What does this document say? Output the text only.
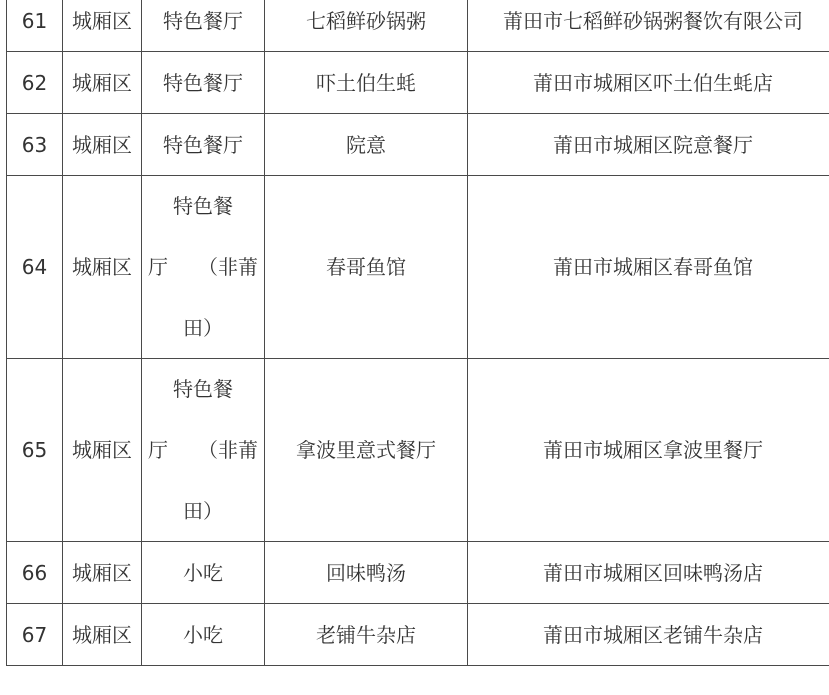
61	城厢区	特色餐厅	七稻鲜砂锅粥	莆田市七稻鲜砂锅粥餐饮有限公司
62	城厢区	特色餐厅	吓土伯生蚝	莆田市城厢区吓土伯生蚝店
63	城厢区	特色餐厅	院意	莆田市城厢区院意餐厅
64	城厢区	特色餐
厅 （非莆
田）	春哥鱼馆	莆田市城厢区春哥鱼馆
65	城厢区	特色餐
厅 （非莆
田）	拿波里意式餐厅	莆田市城厢区拿波里餐厅
66	城厢区	小吃	回味鸭汤	莆田市城厢区回味鸭汤店
67	城厢区	小吃	老铺牛杂店	莆田市城厢区老铺牛杂店
